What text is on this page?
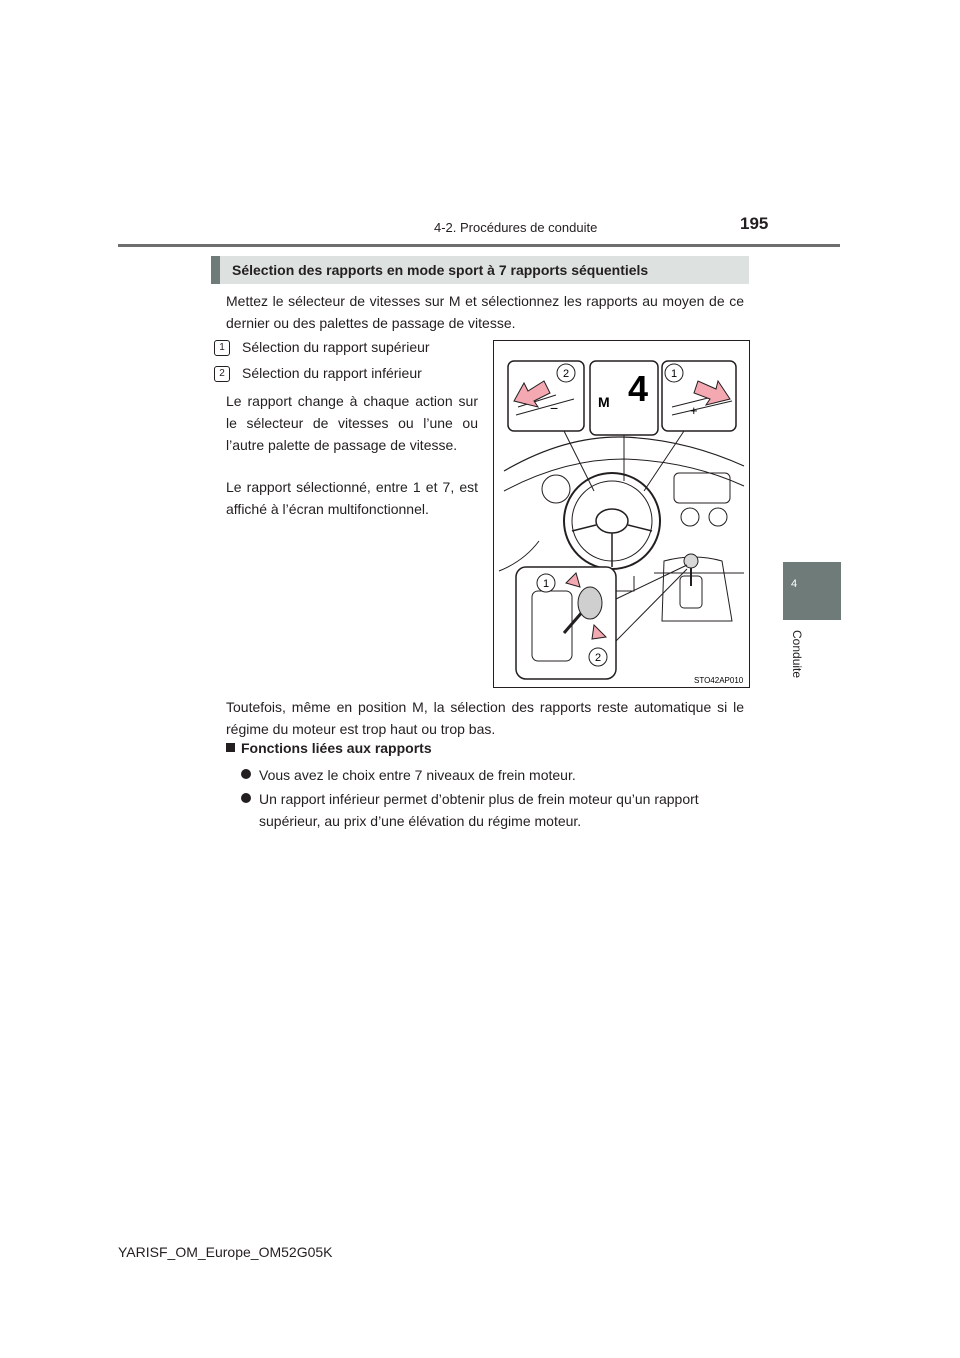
4-2. Procédures de conduite	195
4
Conduite
Sélection des rapports en mode sport à 7 rapports séquentiels
Mettez le sélecteur de vitesses sur M et sélectionnez les rapports au moyen de ce dernier ou des palettes de passage de vitesse.
1 Sélection du rapport supérieur
2 Sélection du rapport inférieur
Le rapport change à chaque action sur le sélecteur de vitesses ou l’une ou l’autre palette de passage de vitesse.
Le rapport sélectionné, entre 1 et 7, est affiché à l’écran multifonctionnel.
1
2
−
2
M 4
+
1
STO42AP010
Toutefois, même en position M, la sélection des rapports reste automatique si le régime du moteur est trop haut ou trop bas.
Fonctions liées aux rapports
Vous avez le choix entre 7 niveaux de frein moteur.
Un rapport inférieur permet d’obtenir plus de frein moteur qu’un rapport supérieur, au prix d’une élévation du régime moteur.
YARISF_OM_Europe_OM52G05K
